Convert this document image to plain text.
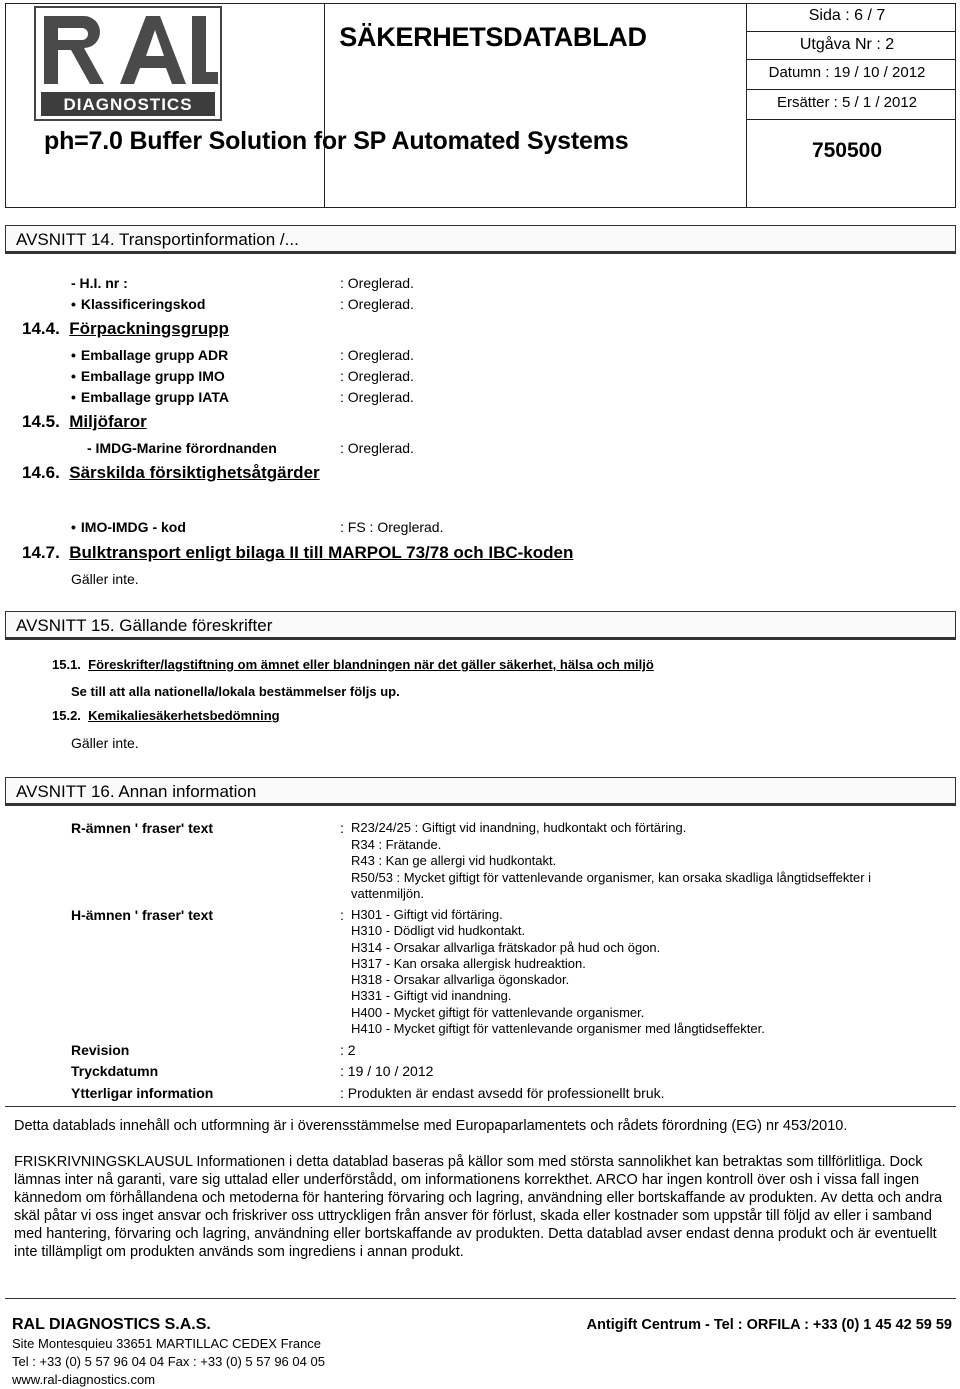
DIAGNOSTICS
SÄKERHETSDATABLAD
ph=7.0 Buffer Solution for SP Automated Systems
Sida : 6 / 7
Utgåva Nr : 2
Datumn : 19 / 10 / 2012
Ersätter : 5 / 1 / 2012
750500
AVSNITT 14. Transportinformation /...
- H.I. nr :	: Oreglerad.
• Klassificeringskod	: Oreglerad.
14.4. Förpackningsgrupp
• Emballage grupp ADR	: Oreglerad.
• Emballage grupp IMO	: Oreglerad.
• Emballage grupp IATA	: Oreglerad.
14.5. Miljöfaror
- IMDG-Marine förordnanden	: Oreglerad.
14.6. Särskilda försiktighetsåtgärder
• IMO-IMDG - kod	: FS : Oreglerad.
14.7. Bulktransport enligt bilaga II till MARPOL 73/78 och IBC-koden
Gäller inte.
AVSNITT 15. Gällande föreskrifter
15.1. Föreskrifter/lagstiftning om ämnet eller blandningen när det gäller säkerhet, hälsa och miljö
Se till att alla nationella/lokala bestämmelser följs up.
15.2. Kemikaliesäkerhetsbedömning
Gäller inte.
AVSNITT 16. Annan information
R-ämnen ' fraser' text	: R23/24/25 : Giftigt vid inandning, hudkontakt och förtäring.
R34 : Frätande.
R43 : Kan ge allergi vid hudkontakt.
R50/53 : Mycket giftigt för vattenlevande organismer, kan orsaka skadliga långtidseffekter i
vattenmiljön.
H-ämnen ' fraser' text	: H301 - Giftigt vid förtäring.
H310 - Dödligt vid hudkontakt.
H314 - Orsakar allvarliga frätskador på hud och ögon.
H317 - Kan orsaka allergisk hudreaktion.
H318 - Orsakar allvarliga ögonskador.
H331 - Giftigt vid inandning.
H400 - Mycket giftigt för vattenlevande organismer.
H410 - Mycket giftigt för vattenlevande organismer med långtidseffekter.
Revision	: 2
Tryckdatumn	: 19 / 10 / 2012
Ytterligar information	: Produkten är endast avsedd för professionellt bruk.
Detta datablads innehåll och utformning är i överensstämmelse med Europaparlamentets och rådets förordning (EG) nr 453/2010.
FRISKRIVNINGSKLAUSUL Informationen i detta datablad baseras på källor som med största sannolikhet kan betraktas som tillförlitliga. Dock lämnas inter nå garanti, vare sig uttalad eller underförstådd, om informationens korrekthet. ARCO har ingen kontroll över osh i vissa fall ingen kännedom om förhållandena och metoderna för hantering förvaring och lagring, användning eller bortskaffande av produkten. Av detta och andra skäl påtar vi oss inget ansvar och friskriver oss uttryckligen från ansver för förlust, skada eller kostnader som uppstår till följd av eller i samband med hantering, förvaring och lagring, användning eller bortskaffande av produkten. Detta datablad avser endast denna produkt och är eventuellt inte tillämpligt om produkten används som ingrediens i annan produkt.
RAL DIAGNOSTICS S.A.S.
Site Montesquieu 33651 MARTILLAC CEDEX France
Tel : +33 (0) 5 57 96 04 04 Fax : +33 (0) 5 57 96 04 05
www.ral-diagnostics.com
Antigift Centrum - Tel : ORFILA : +33 (0) 1 45 42 59 59
